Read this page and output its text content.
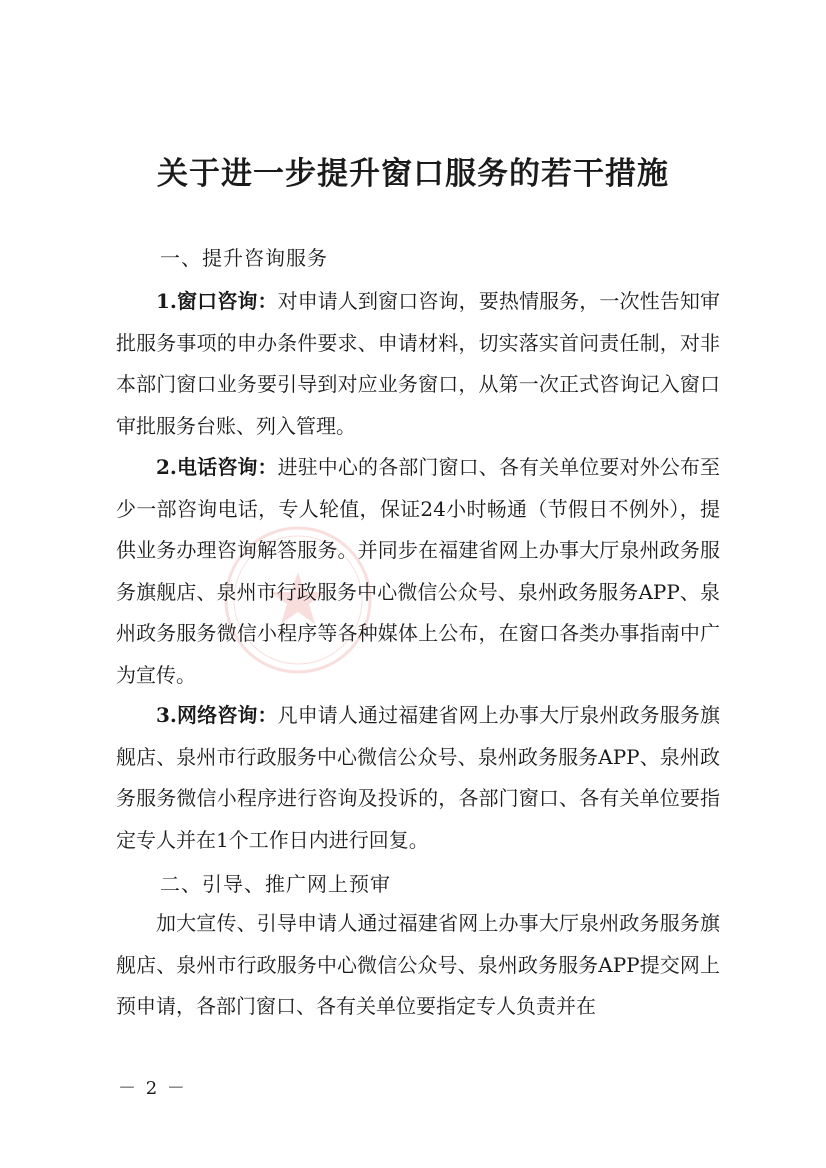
关于进一步提升窗口服务的若干措施
一、提升咨询服务
1.窗口咨询：对申请人到窗口咨询，要热情服务，一次性告知审批服务事项的申办条件要求、申请材料，切实落实首问责任制，对非本部门窗口业务要引导到对应业务窗口，从第一次正式咨询记入窗口审批服务台账、列入管理。
2.电话咨询：进驻中心的各部门窗口、各有关单位要对外公布至少一部咨询电话，专人轮值，保证24小时畅通（节假日不例外），提供业务办理咨询解答服务。并同步在福建省网上办事大厅泉州政务服务旗舰店、泉州市行政服务中心微信公众号、泉州政务服务APP、泉州政务服务微信小程序等各种媒体上公布，在窗口各类办事指南中广为宣传。
3.网络咨询：凡申请人通过福建省网上办事大厅泉州政务服务旗舰店、泉州市行政服务中心微信公众号、泉州政务服务APP、泉州政务服务微信小程序进行咨询及投诉的，各部门窗口、各有关单位要指定专人并在1个工作日内进行回复。
二、引导、推广网上预审
加大宣传、引导申请人通过福建省网上办事大厅泉州政务服务旗舰店、泉州市行政服务中心微信公众号、泉州政务服务APP提交网上预申请，各部门窗口、各有关单位要指定专人负责并在
－ 2 －
